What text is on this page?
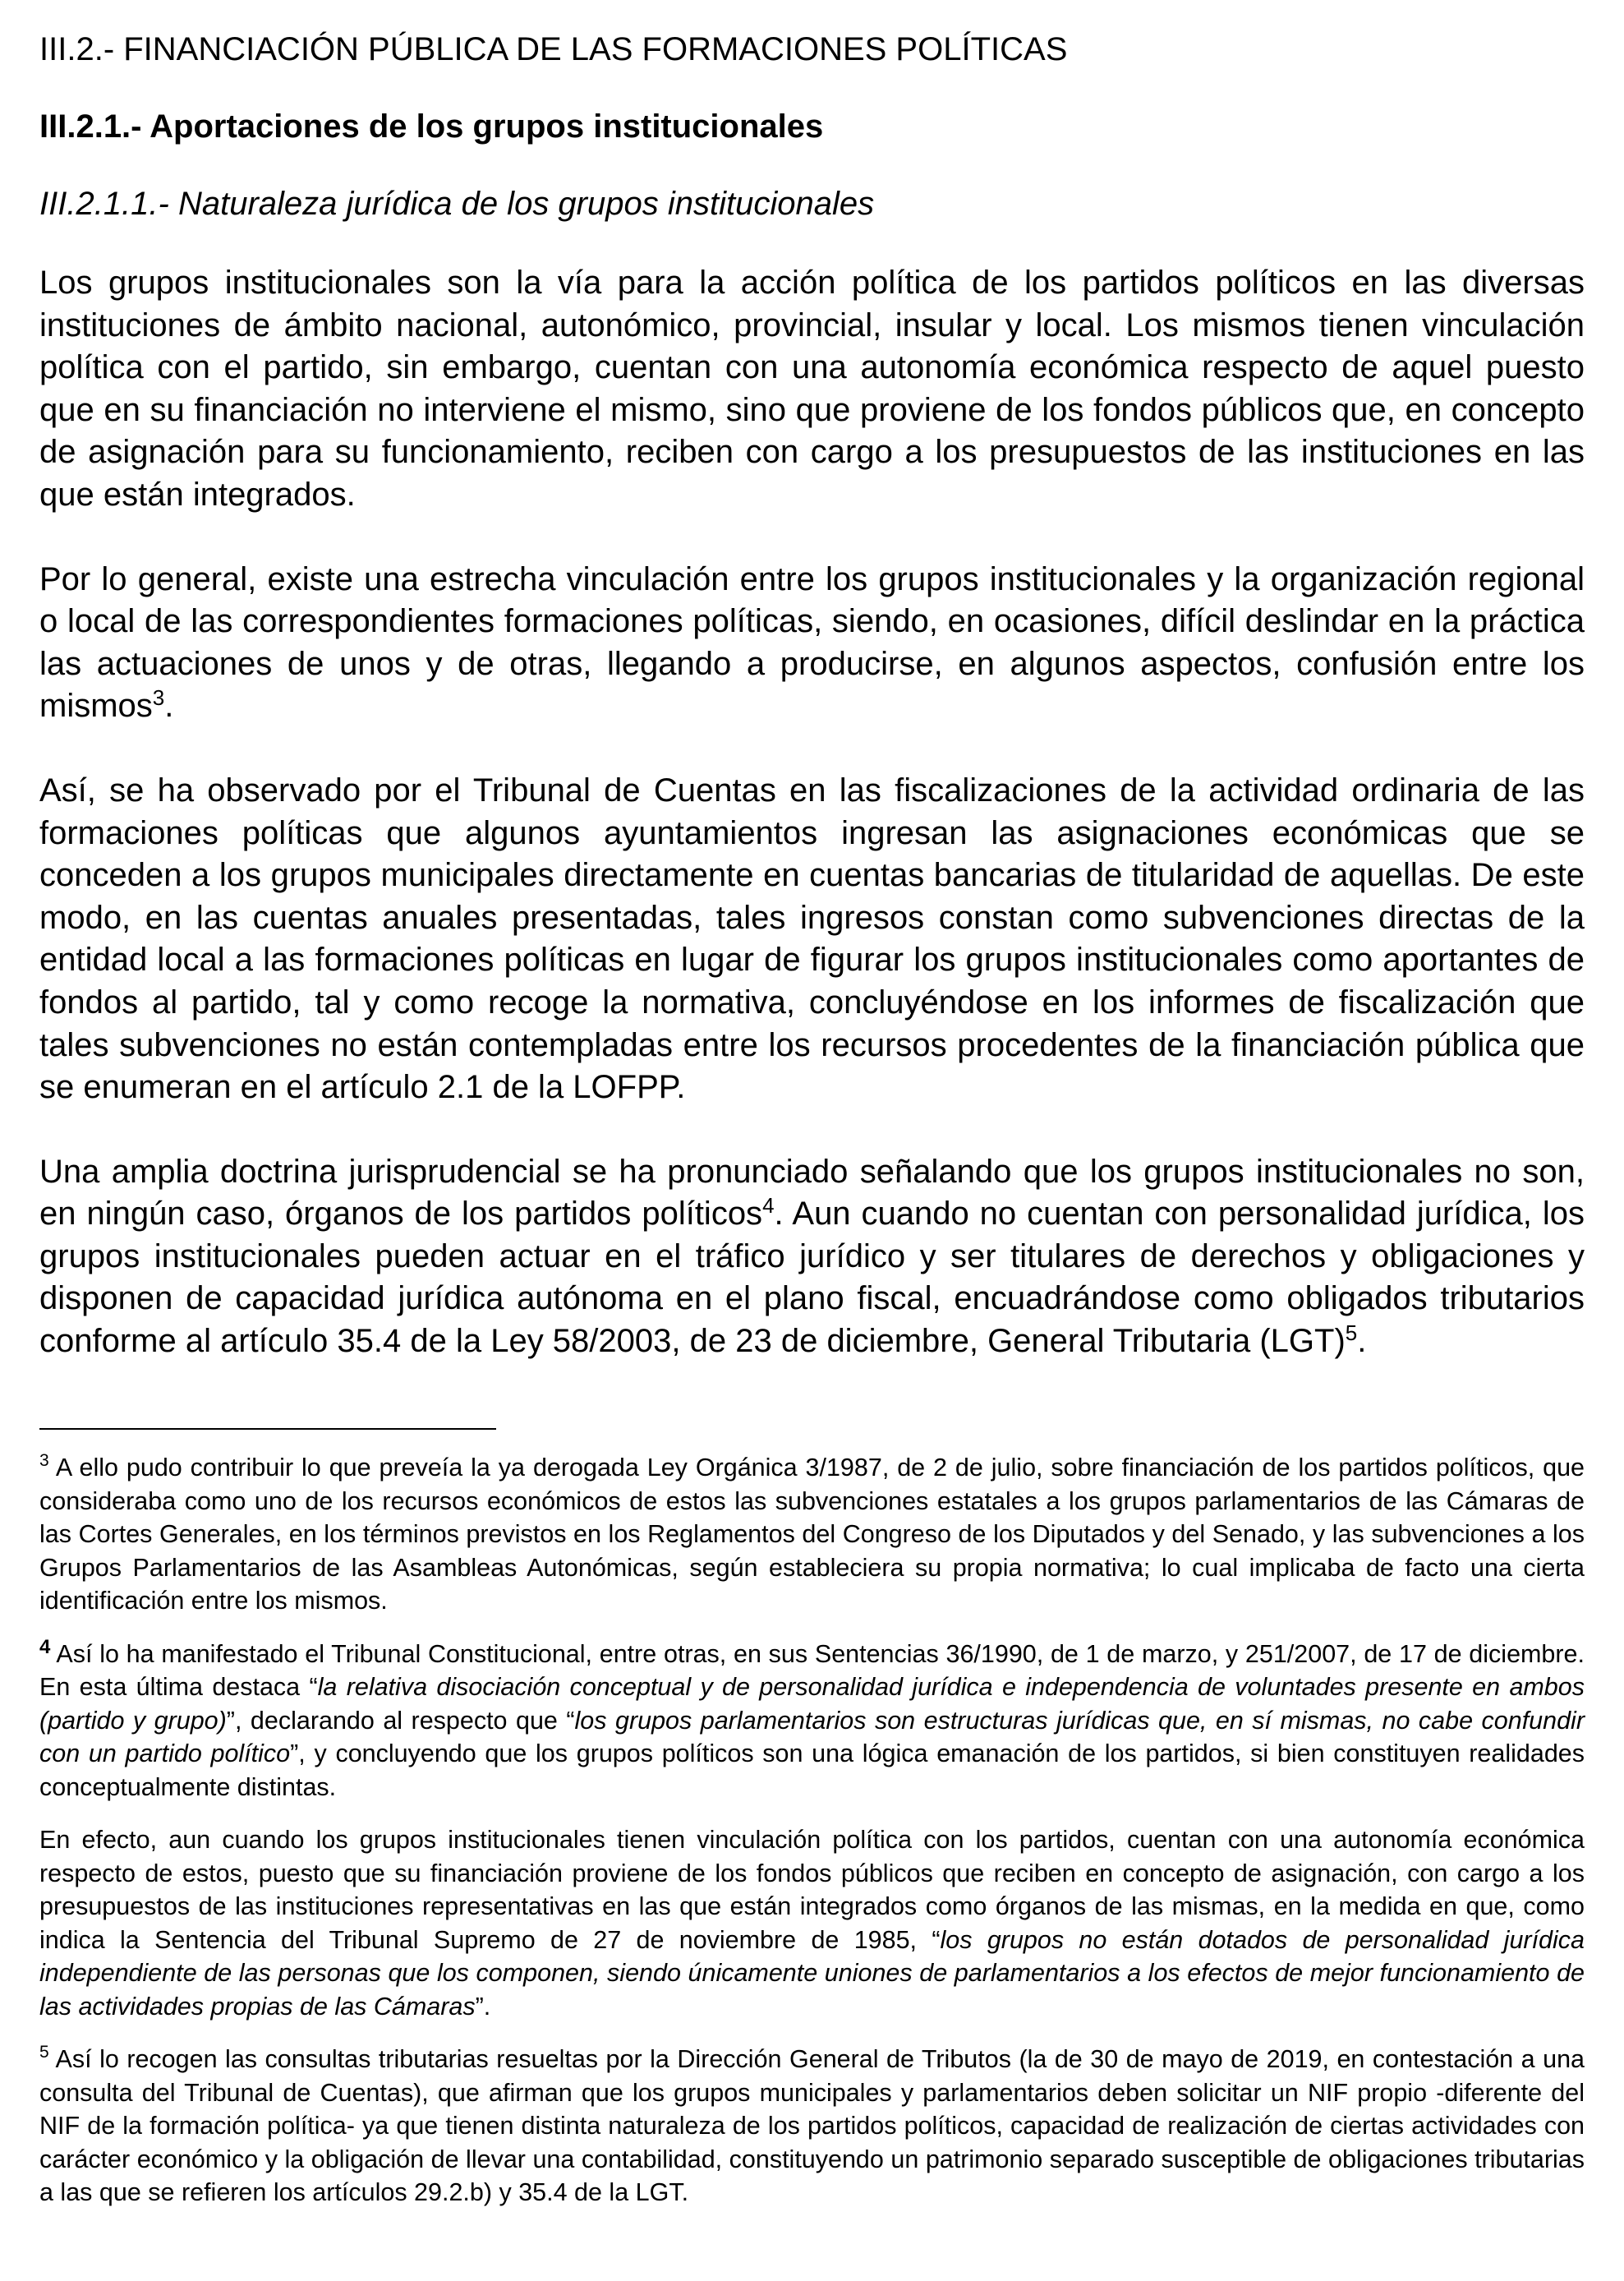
III.2.- FINANCIACIÓN PÚBLICA DE LAS FORMACIONES POLÍTICAS
III.2.1.- Aportaciones de los grupos institucionales
III.2.1.1.- Naturaleza jurídica de los grupos institucionales

Los grupos institucionales son la vía para la acción política de los partidos políticos en las diversas instituciones de ámbito nacional, autonómico, provincial, insular y local. Los mismos tienen vinculación política con el partido, sin embargo, cuentan con una autonomía económica respecto de aquel puesto que en su financiación no interviene el mismo, sino que proviene de los fondos públicos que, en concepto de asignación para su funcionamiento, reciben con cargo a los presupuestos de las instituciones en las que están integrados.

Por lo general, existe una estrecha vinculación entre los grupos institucionales y la organización regional o local de las correspondientes formaciones políticas, siendo, en ocasiones, difícil deslindar en la práctica las actuaciones de unos y de otras, llegando a producirse, en algunos aspectos, confusión entre los mismos$^3$.

Así, se ha observado por el Tribunal de Cuentas en las fiscalizaciones de la actividad ordinaria de las formaciones políticas que algunos ayuntamientos ingresan las asignaciones económicas que se conceden a los grupos municipales directamente en cuentas bancarias de titularidad de aquellas. De este modo, en las cuentas anuales presentadas, tales ingresos constan como subvenciones directas de la entidad local a las formaciones políticas en lugar de figurar los grupos institucionales como aportantes de fondos al partido, tal y como recoge la normativa, concluyéndose en los informes de fiscalización que tales subvenciones no están contempladas entre los recursos procedentes de la financiación pública que se enumeran en el artículo 2.1 de la LOFPP.

Una amplia doctrina jurisprudencial se ha pronunciado señalando que los grupos institucionales no son, en ningún caso, órganos de los partidos políticos$^4$. Aun cuando no cuentan con personalidad jurídica, los grupos institucionales pueden actuar en el tráfico jurídico y ser titulares de derechos y obligaciones y disponen de capacidad jurídica autónoma en el plano fiscal, encuadrándose como obligados tributarios conforme al artículo 35.4 de la Ley 58/2003, de 23 de diciembre, General Tributaria (LGT)$^5$.

$^3$ A ello pudo contribuir lo que preveía la ya derogada Ley Orgánica 3/1987, de 2 de julio, sobre financiación de los partidos políticos, que consideraba como uno de los recursos económicos de estos las subvenciones estatales a los grupos parlamentarios de las Cámaras de las Cortes Generales, en los términos previstos en los Reglamentos del Congreso de los Diputados y del Senado, y las subvenciones a los Grupos Parlamentarios de las Asambleas Autonómicas, según estableciera su propia normativa; lo cual implicaba de facto una cierta identificación entre los mismos.

$^4$ Así lo ha manifestado el Tribunal Constitucional, entre otras, en sus Sentencias 36/1990, de 1 de marzo, y 251/2007, de 17 de diciembre. En esta última destaca “la relativa disociación conceptual y de personalidad jurídica e independencia de voluntades presente en ambos (partido y grupo)”, declarando al respecto que “los grupos parlamentarios son estructuras jurídicas que, en sí mismas, no cabe confundir con un partido político”, y concluyendo que los grupos políticos son una lógica emanación de los partidos, si bien constituyen realidades conceptualmente distintas.

En efecto, aun cuando los grupos institucionales tienen vinculación política con los partidos, cuentan con una autonomía económica respecto de estos, puesto que su financiación proviene de los fondos públicos que reciben en concepto de asignación, con cargo a los presupuestos de las instituciones representativas en las que están integrados como órganos de las mismas, en la medida en que, como indica la Sentencia del Tribunal Supremo de 27 de noviembre de 1985, “los grupos no están dotados de personalidad jurídica independiente de las personas que los componen, siendo únicamente uniones de parlamentarios a los efectos de mejor funcionamiento de las actividades propias de las Cámaras”.

$^5$ Así lo recogen las consultas tributarias resueltas por la Dirección General de Tributos (la de 30 de mayo de 2019, en contestación a una consulta del Tribunal de Cuentas), que afirman que los grupos municipales y parlamentarios deben solicitar un NIF propio -diferente del NIF de la formación política- ya que tienen distinta naturaleza de los partidos políticos, capacidad de realización de ciertas actividades con carácter económico y la obligación de llevar una contabilidad, constituyendo un patrimonio separado susceptible de obligaciones tributarias a las que se refieren los artículos 29.2.b) y 35.4 de la LGT.
